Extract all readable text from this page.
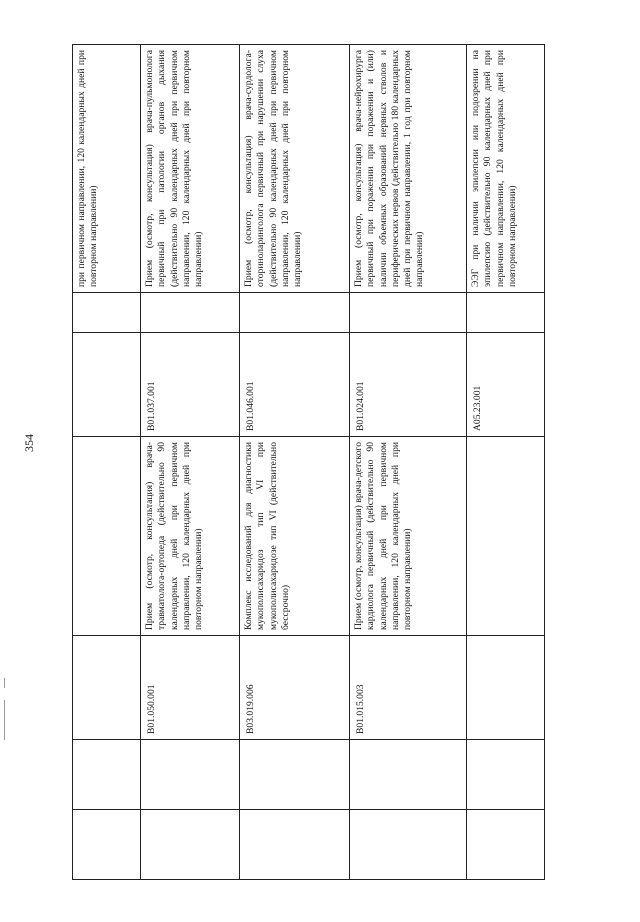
354
						при первичном направлении, 120 календарных дней при повторном направлении)
		B01.050.001	Прием (осмотр, консультация) врача-травматолога-ортопеда (действительно 90 календарных дней при первичном направлении, 120 календарных дней при повторном направлении)	B01.037.001		Прием (осмотр, консультация) врача-пульмонолога первичный при патологии органов дыхания (действительно 90 календарных дней при первичном направлении, 120 календарных дней при повторном направлении)
		B03.019.006	Комплекс исследований для диагностики мукополисахаридоз тип VI при мукополисахаридозе тип VI (действительно бессрочно)	B01.046.001		Прием (осмотр, консультация) врача-сурдолога-оториноларинголога первичный при нарушении слуха (действительно 90 календарных дней при первичном направлении, 120 календарных дней при повторном направлении)
		B01.015.003	Прием (осмотр, консультация) врача-детского кардиолога первичный (действительно 90 календарных дней при первичном направлении, 120 календарных дней при повторном направлении)	B01.024.001		Прием (осмотр, консультация) врача-нейрохирурга первичный при поражении при поражении и (или) наличии объемных образований нервных стволов и периферических нервов (действительно 180 календарных дней при первичном направлении, 1 год при повторном направлении)
				A05.23.001		ЭЭГ при наличии эпилепсии или подозрении на эпилепсию (действительно 90 календарных дней при первичном направлении, 120 календарных дней при повторном направлении)
